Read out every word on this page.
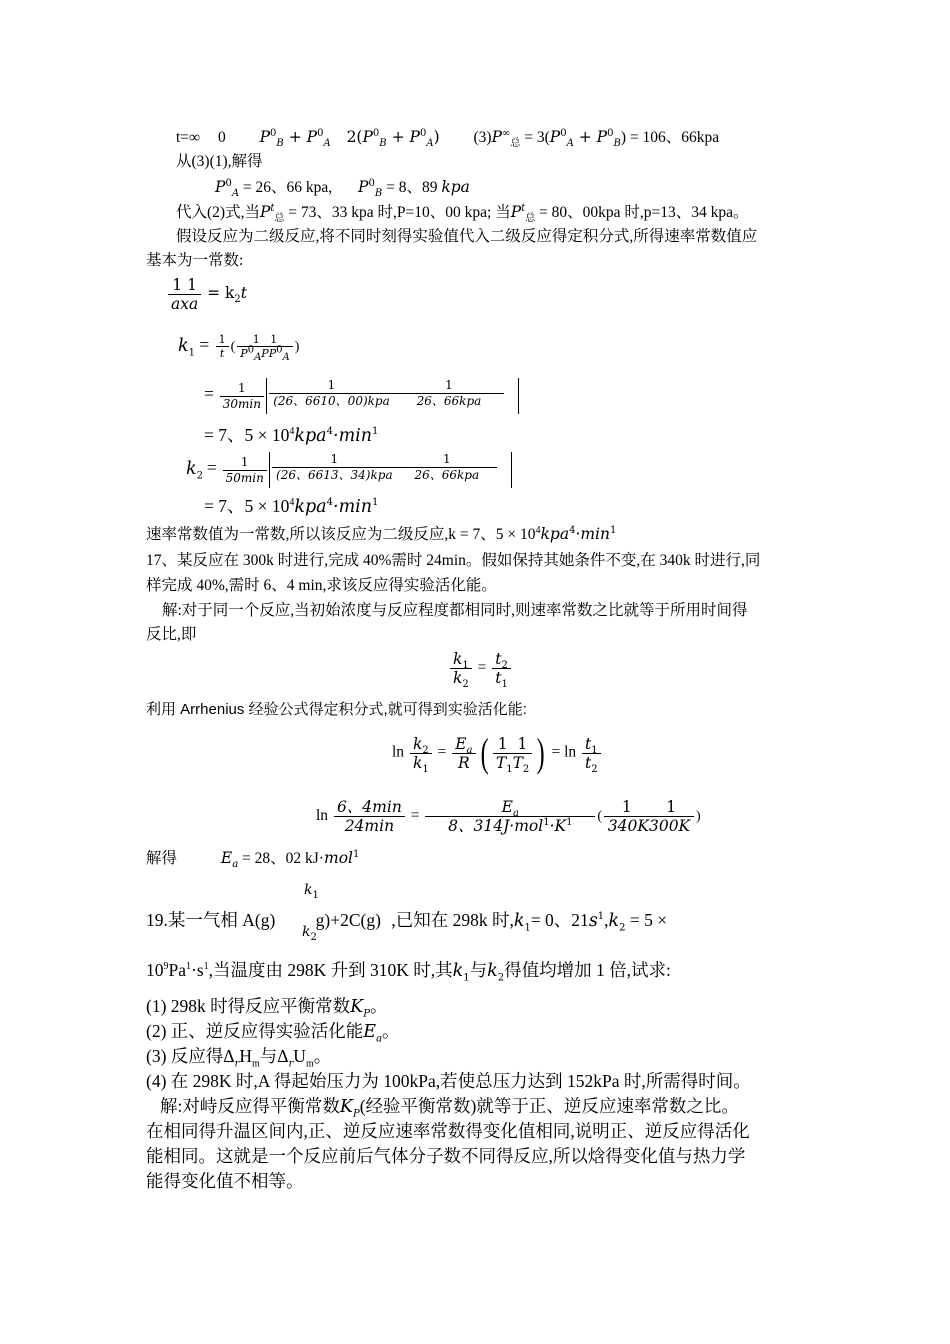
t=∞ 0 $P^0_B + P^0_A$ $2(P^0_B + P^0_A) (3)P^\infty_总 = 3(P^0_A + P^0_B) = 106$、66kpa
从(3)(1),解得
$P^0_A = 26$、66 kpa, $P^0_B = 8$、89 kpa
代入(2)式,当$P^t_总 = 73$、33 kpa 时,P=10、00 kpa; 当$P^t_总 = 80$、00kpa 时,p=13、34 kpa。
假设反应为二级反应,将不同时刻得实验值代入二级反应得定积分式,所得速率常数值应
基本为一常数:
$\frac{1 1}{\text{axa}} = k_2t$
$k_1 = \frac{1}{t}$ ( $\frac{1 1}{P^0_APP^0_A}$ )
= $\frac{1}{30\min}$	1
(26、6610、00)kpa
1
26、66kpa
= 7、$5 \times 10^4kpa^4\cdot\min^1$
$k_2 = \frac{1}{50\min}$	1
(26、6613、34)kpa
1
26、66kpa
= 7、$5 \times 10^4kpa^4\cdot\min^1$
速率常数值为一常数,所以该反应为二级反应,k = 7、$5 \times 10^4kpa^4\cdot\min^1$
17、某反应在 300k 时进行,完成 40%需时 24min。假如保持其她条件不变,在 340k 时进行,同
样完成 40%,需时 6、4 min,求该反应得实验活化能。
解:对于同一个反应,当初始浓度与反应程度都相同时,则速率常数之比就等于所用时间得
反比,即
$\frac{k_1}{k_2} = \frac{t_2}{t_1}$
利用 Arrhenius 经验公式得定积分式,就可得到实验活化能:
$\ln \frac{k_2}{k_1} = \frac{E_a}{R}$ ( $\frac{1 1}{T_1T_2}$ ) = $\ln \frac{t_1}{t_2}$
$\ln \frac{6、4\min}{24\min} = \frac{E_a}{8、314J\cdot mol^1\cdot K^1}$ ( $\frac{1 1}{340K300K}$ )
解得	$E_a = 28$、02 kJ·mol$^1$
$k_1$
19.某一气相 A(g) g)+2C(g) ,已知在 298k 时$,k_1= 0$、$21s^1,k_2 = 5$ ×
$k_2$
$10^9Pa^1\cdot s^1$,当温度由 298K 升到 310K 时,其$k_1$与$k_2$得值均增加 1 倍,试求:
(1) 298k 时得反应平衡常数$K_P$。
(2) 正、逆反应得实验活化能$E_a$。
(3) 反应得$\Delta_rH_m$与$\Delta_rU_m$。
(4) 在 298K 时,A 得起始压力为 100kPa,若使总压力达到 152kPa 时,所需得时间。
解:对峙反应得平衡常数$K_P$(经验平衡常数)就等于正、逆反应速率常数之比。
在相同得升温区间内,正、逆反应速率常数得变化值相同,说明正、逆反应得活化
能相同。这就是一个反应前后气体分子数不同得反应,所以焓得变化值与热力学
能得变化值不相等。
